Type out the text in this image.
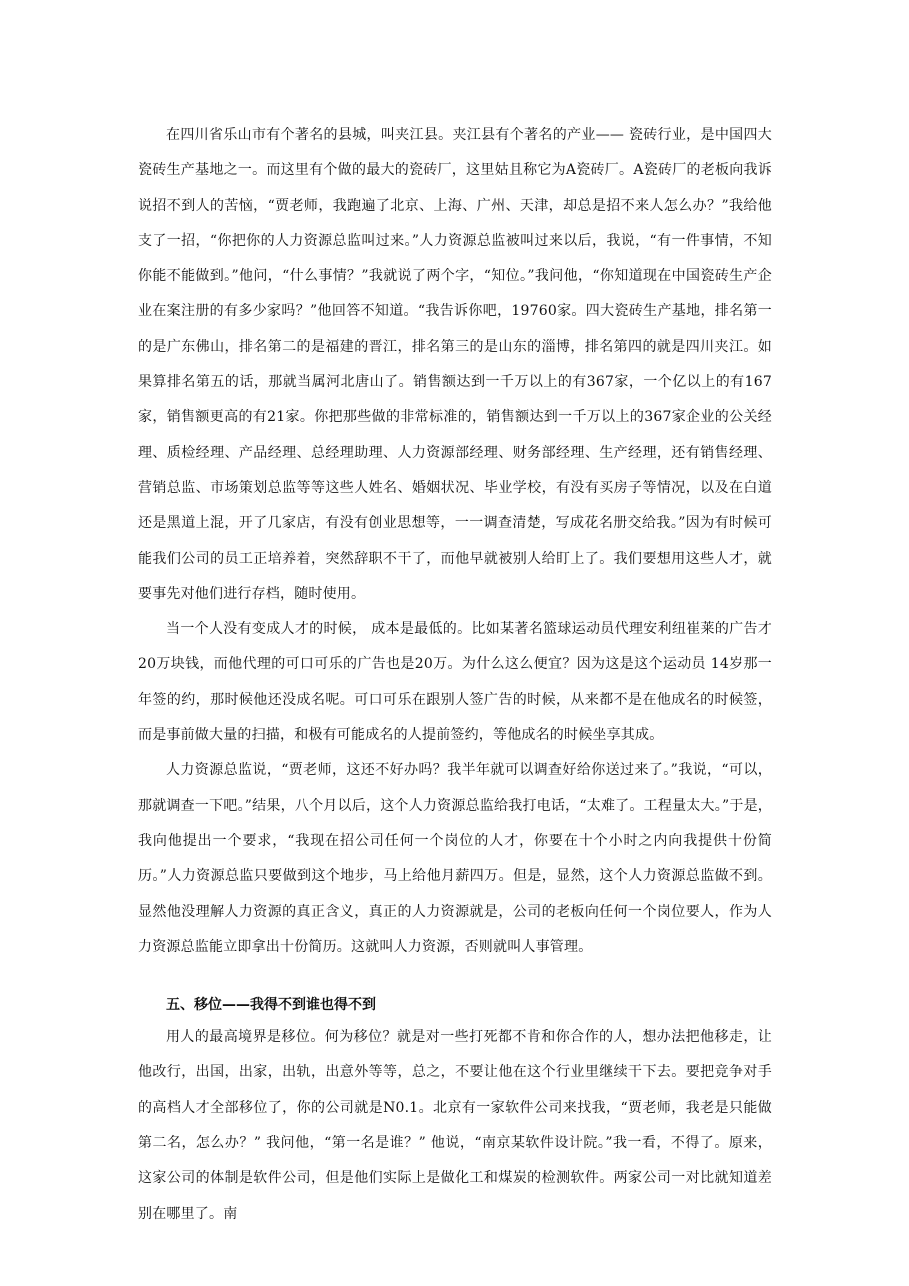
在四川省乐山市有个著名的县城，叫夹江县。夹江县有个著名的产业—— 瓷砖行业，是中国四大瓷砖生产基地之一。而这里有个做的最大的瓷砖厂，这里姑且称它为A瓷砖厂。A瓷砖厂的老板向我诉说招不到人的苦恼，“贾老师，我跑遍了北京、上海、广州、天津，却总是招不来人怎么办？”我给他支了一招，“你把你的人力资源总监叫过来。”人力资源总监被叫过来以后，我说，“有一件事情，不知你能不能做到。”他问，“什么事情？”我就说了两个字，“知位。”我问他，“你知道现在中国瓷砖生产企业在案注册的有多少家吗？”他回答不知道。“我告诉你吧，19760家。四大瓷砖生产基地，排名第一的是广东佛山，排名第二的是福建的晋江，排名第三的是山东的淄博，排名第四的就是四川夹江。如果算排名第五的话，那就当属河北唐山了。销售额达到一千万以上的有367家，一个亿以上的有167家，销售额更高的有21家。你把那些做的非常标准的，销售额达到一千万以上的367家企业的公关经理、质检经理、产品经理、总经理助理、人力资源部经理、财务部经理、生产经理，还有销售经理、营销总监、市场策划总监等等这些人姓名、婚姻状况、毕业学校，有没有买房子等情况，以及在白道还是黑道上混，开了几家店，有没有创业思想等，一一调查清楚，写成花名册交给我。”因为有时候可能我们公司的员工正培养着，突然辞职不干了，而他早就被别人给盯上了。我们要想用这些人才，就要事先对他们进行存档，随时使用。

当一个人没有变成人才的时候， 成本是最低的。比如某著名篮球运动员代理安利纽崔莱的广告才 20万块钱，而他代理的可口可乐的广告也是20万。为什么这么便宜？因为这是这个运动员 14岁那一年签的约，那时候他还没成名呢。可口可乐在跟别人签广告的时候，从来都不是在他成名的时候签，而是事前做大量的扫描，和极有可能成名的人提前签约，等他成名的时候坐享其成。

人力资源总监说，“贾老师，这还不好办吗？我半年就可以调查好给你送过来了。”我说，“可以，那就调查一下吧。”结果，八个月以后，这个人力资源总监给我打电话，“太难了。工程量太大。”于是，我向他提出一个要求，“我现在招公司任何一个岗位的人才，你要在十个小时之内向我提供十份简历。”人力资源总监只要做到这个地步，马上给他月薪四万。但是，显然，这个人力资源总监做不到。显然他没理解人力资源的真正含义，真正的人力资源就是，公司的老板向任何一个岗位要人，作为人力资源总监能立即拿出十份简历。这就叫人力资源，否则就叫人事管理。

五、移位——我得不到谁也得不到

用人的最高境界是移位。何为移位？就是对一些打死都不肯和你合作的人，想办法把他移走，让他改行，出国，出家，出轨，出意外等等，总之，不要让他在这个行业里继续干下去。要把竞争对手的高档人才全部移位了，你的公司就是N0.1。北京有一家软件公司来找我，“贾老师，我老是只能做第二名，怎么办？” 我问他，“第一名是谁？” 他说，“南京某软件设计院。”我一看，不得了。原来，这家公司的体制是软件公司，但是他们实际上是做化工和煤炭的检测软件。两家公司一对比就知道差别在哪里了。南
